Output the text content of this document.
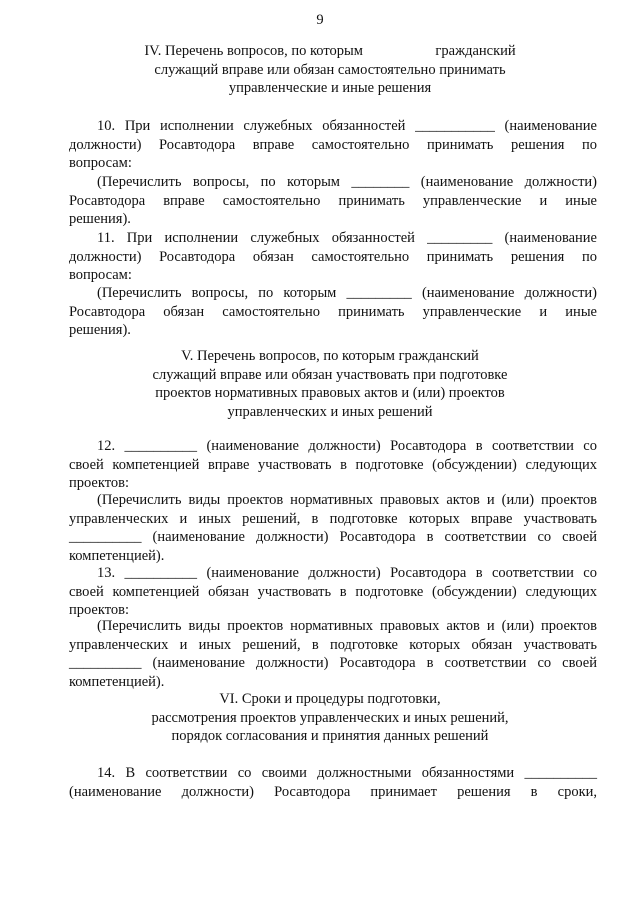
9
IV. Перечень вопросов, по которым                    гражданский
служащий вправе или обязан самостоятельно принимать
управленческие и иные решения
10. При исполнении служебных обязанностей ___________ (наименование
должности) Росавтодора вправе самостоятельно принимать решения по
вопросам:
(Перечислить вопросы, по которым ________ (наименование должности)
Росавтодора вправе самостоятельно принимать управленческие и иные
решения).
11. При исполнении служебных обязанностей _________ (наименование
должности) Росавтодора обязан самостоятельно принимать решения по
вопросам:
(Перечислить вопросы, по которым _________ (наименование должности)
Росавтодора обязан самостоятельно принимать управленческие и иные
решения).
V. Перечень вопросов, по которым гражданский
служащий вправе или обязан участвовать при подготовке
проектов нормативных правовых актов и (или) проектов
управленческих и иных решений
12. __________ (наименование должности) Росавтодора в соответствии со
своей компетенцией вправе участвовать в подготовке (обсуждении) следующих
проектов:
(Перечислить виды проектов нормативных правовых актов и (или) проектов
управленческих и иных решений, в подготовке которых вправе участвовать
__________ (наименование должности) Росавтодора в соответствии со своей
компетенцией).
13. __________ (наименование должности) Росавтодора в соответствии со
своей компетенцией обязан участвовать в подготовке (обсуждении) следующих
проектов:
(Перечислить виды проектов нормативных правовых актов и (или) проектов
управленческих и иных решений, в подготовке которых обязан участвовать
__________ (наименование должности) Росавтодора в соответствии со своей
компетенцией).
VI. Сроки и процедуры подготовки,
рассмотрения проектов управленческих и иных решений,
порядок согласования и принятия данных решений
14. В соответствии со своими должностными обязанностями __________
(наименование должности) Росавтодора принимает решения в сроки,
